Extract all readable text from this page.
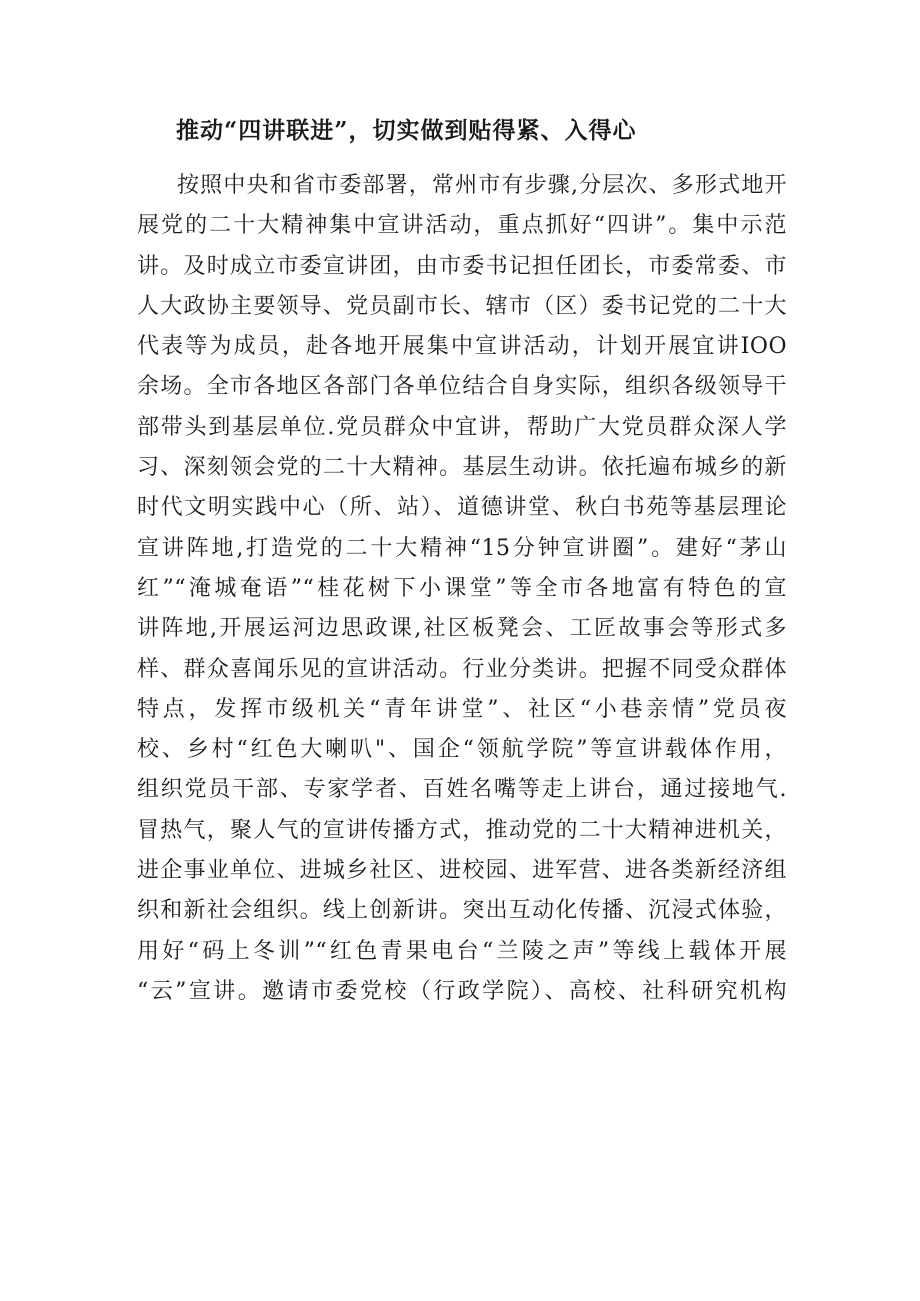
推动“四讲联进”，切实做到贴得紧、入得心
按照中央和省市委部署，常州市有步骤,分层次、多形式地开
展党的二十大精神集中宣讲活动，重点抓好“四讲”。集中示范
讲。及时成立市委宣讲团，由市委书记担任团长，市委常委、市
人大政协主要领导、党员副市长、辖市（区）委书记党的二十大
代表等为成员，赴各地开展集中宣讲活动，计划开展宜讲IOO
余场。全市各地区各部门各单位结合自身实际，组织各级领导干
部带头到基层单位.党员群众中宜讲，帮助广大党员群众深人学
习、深刻领会党的二十大精神。基层生动讲。依托遍布城乡的新
时代文明实践中心（所、站）、道德讲堂、秋白书苑等基层理论
宣讲阵地,打造党的二十大精神“15分钟宣讲圈”。建好“茅山
红”“淹城奄语”“桂花树下小课堂”等全市各地富有特色的宣
讲阵地,开展运河边思政课,社区板凳会、工匠故事会等形式多
样、群众喜闻乐见的宣讲活动。行业分类讲。把握不同受众群体
特点，发挥市级机关“青年讲堂”、社区“小巷亲情”党员夜
校、乡村“红色大喇叭"、国企“领航学院”等宣讲载体作用，
组织党员干部、专家学者、百姓名嘴等走上讲台，通过接地气.
冒热气，聚人气的宣讲传播方式，推动党的二十大精神进机关，
进企事业单位、进城乡社区、进校园、进军营、进各类新经济组
织和新社会组织。线上创新讲。突出互动化传播、沉浸式体验，
用好“码上冬训”“红色青果电台“兰陵之声”等线上载体开展
“云”宣讲。邀请市委党校（行政学院）、高校、社科研究机构
